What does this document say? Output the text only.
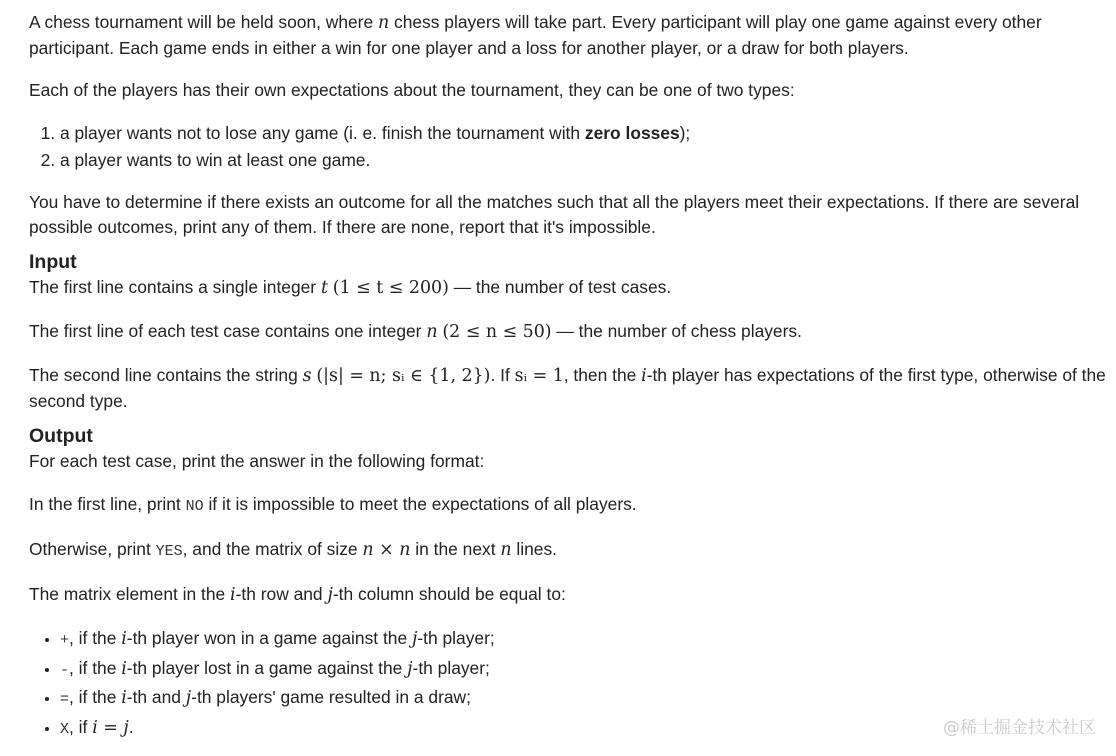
A chess tournament will be held soon, where n chess players will take part. Every participant will play one game against every other participant. Each game ends in either a win for one player and a loss for another player, or a draw for both players.

Each of the players has their own expectations about the tournament, they can be one of two types:

1. a player wants not to lose any game (i. e. finish the tournament with zero losses);
2. a player wants to win at least one game.

You have to determine if there exists an outcome for all the matches such that all the players meet their expectations. If there are several possible outcomes, print any of them. If there are none, report that it's impossible.

Input

The first line contains a single integer t (1 ≤ t ≤ 200) — the number of test cases.

The first line of each test case contains one integer n (2 ≤ n ≤ 50) — the number of chess players.

The second line contains the string s (|s| = n; sᵢ ∈ {1, 2}). If sᵢ = 1, then the i-th player has expectations of the first type, otherwise of the second type.

Output

For each test case, print the answer in the following format:

In the first line, print NO if it is impossible to meet the expectations of all players.

Otherwise, print YES, and the matrix of size n × n in the next n lines.

The matrix element in the i-th row and j-th column should be equal to:

• +, if the i-th player won in a game against the j-th player;
• -, if the i-th player lost in a game against the j-th player;
• =, if the i-th and j-th players' game resulted in a draw;
• X, if i = j.	@稀土掘金技术社区
